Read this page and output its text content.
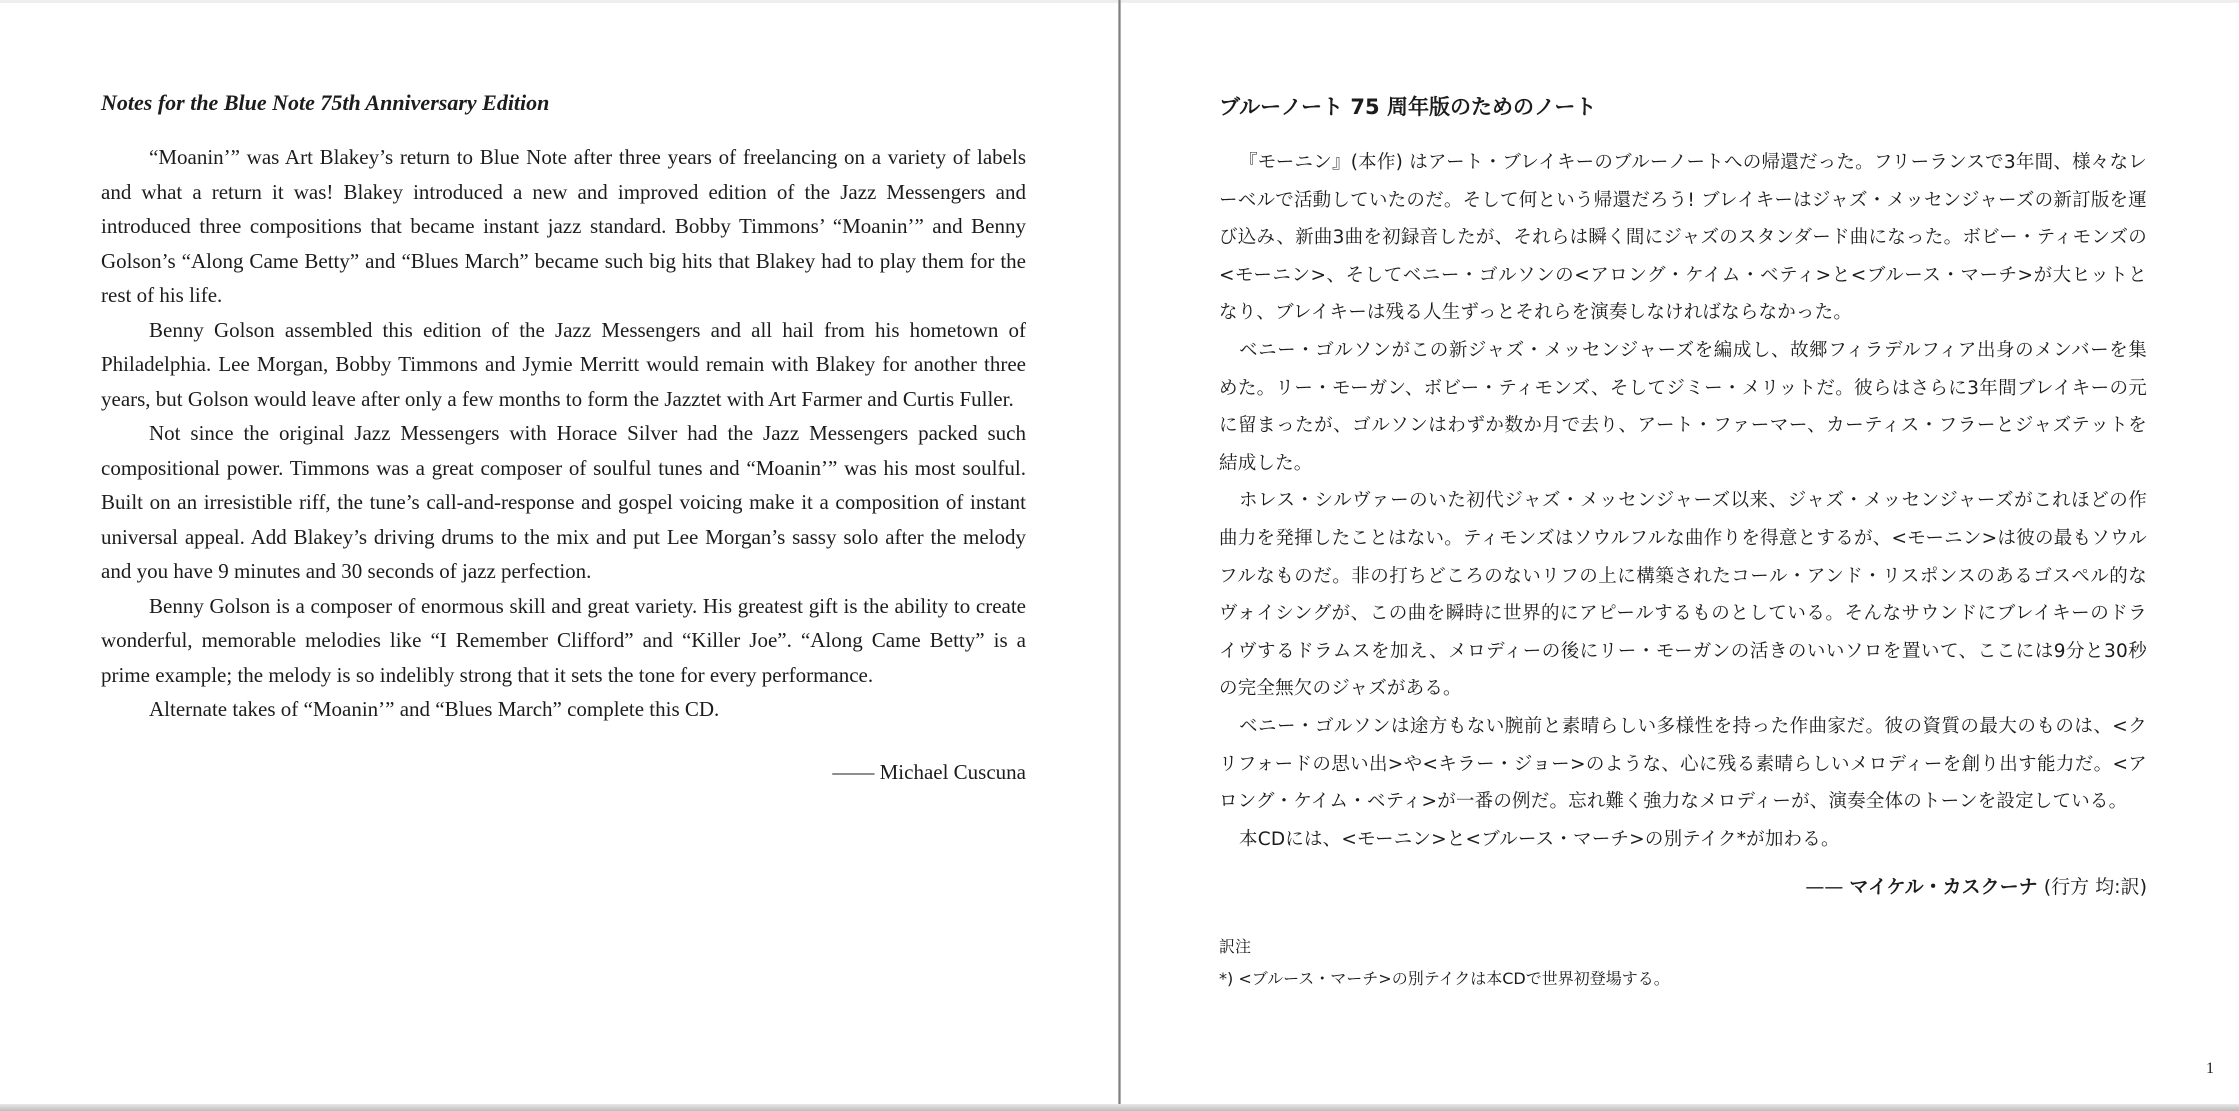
Notes for the Blue Note 75th Anniversary Edition

“Moanin’” was Art Blakey’s return to Blue Note after three years of freelancing on a variety of labels and what a return it was! Blakey introduced a new and improved edition of the Jazz Messengers and introduced three compositions that became instant jazz standard. Bobby Timmons’ “Moanin’” and Benny Golson’s “Along Came Betty” and “Blues March” became such big hits that Blakey had to play them for the rest of his life.

Benny Golson assembled this edition of the Jazz Messengers and all hail from his hometown of Philadelphia. Lee Morgan, Bobby Timmons and Jymie Merritt would remain with Blakey for another three years, but Golson would leave after only a few months to form the Jazztet with Art Farmer and Curtis Fuller.

Not since the original Jazz Messengers with Horace Silver had the Jazz Messengers packed such compositional power. Timmons was a great composer of soulful tunes and “Moanin’” was his most soulful. Built on an irresistible riff, the tune’s call-and-response and gospel voicing make it a composition of instant universal appeal. Add Blakey’s driving drums to the mix and put Lee Morgan’s sassy solo after the melody and you have 9 minutes and 30 seconds of jazz perfection.

Benny Golson is a composer of enormous skill and great variety. His greatest gift is the ability to create wonderful, memorable melodies like “I Remember Clifford” and “Killer Joe”. “Along Came Betty” is a prime example; the melody is so indelibly strong that it sets the tone for every performance.

Alternate takes of “Moanin’” and “Blues March” complete this CD.

—— Michael Cuscuna
ブルーノート 75 周年版のためのノート

『モーニン』(本作) はアート・ブレイキーのブルーノートへの帰還だった。フリーランスで3年間、様々なレーベルで活動していたのだ。そして何という帰還だろう! ブレイキーはジャズ・メッセンジャーズの新訂版を運び込み、新曲3曲を初録音したが、それらは瞬く間にジャズのスタンダード曲になった。ボビー・ティモンズの<モーニン>、そしてベニー・ゴルソンの<アロング・ケイム・ベティ>と<ブルース・マーチ>が大ヒットとなり、ブレイキーは残る人生ずっとそれらを演奏しなければならなかった。

ベニー・ゴルソンがこの新ジャズ・メッセンジャーズを編成し、故郷フィラデルフィア出身のメンバーを集めた。リー・モーガン、ボビー・ティモンズ、そしてジミー・メリットだ。彼らはさらに3年間ブレイキーの元に留まったが、ゴルソンはわずか数か月で去り、アート・ファーマー、カーティス・フラーとジャズテットを結成した。

ホレス・シルヴァーのいた初代ジャズ・メッセンジャーズ以来、ジャズ・メッセンジャーズがこれほどの作曲力を発揮したことはない。ティモンズはソウルフルな曲作りを得意とするが、<モーニン>は彼の最もソウルフルなものだ。非の打ちどころのないリフの上に構築されたコール・アンド・リスポンスのあるゴスペル的なヴォイシングが、この曲を瞬時に世界的にアピールするものとしている。そんなサウンドにブレイキーのドライヴするドラムスを加え、メロディーの後にリー・モーガンの活きのいいソロを置いて、ここには9分と30秒の完全無欠のジャズがある。

ベニー・ゴルソンは途方もない腕前と素晴らしい多様性を持った作曲家だ。彼の資質の最大のものは、<クリフォードの思い出>や<キラー・ジョー>のような、心に残る素晴らしいメロディーを創り出す能力だ。<アロング・ケイム・ベティ>が一番の例だ。忘れ難く強力なメロディーが、演奏全体のトーンを設定している。

本CDには、<モーニン>と<ブルース・マーチ>の別テイク*が加わる。

—— マイケル・カスクーナ (行方 均:訳)
訳注
*) <ブルース・マーチ>の別テイクは本CDで世界初登場する。
1
